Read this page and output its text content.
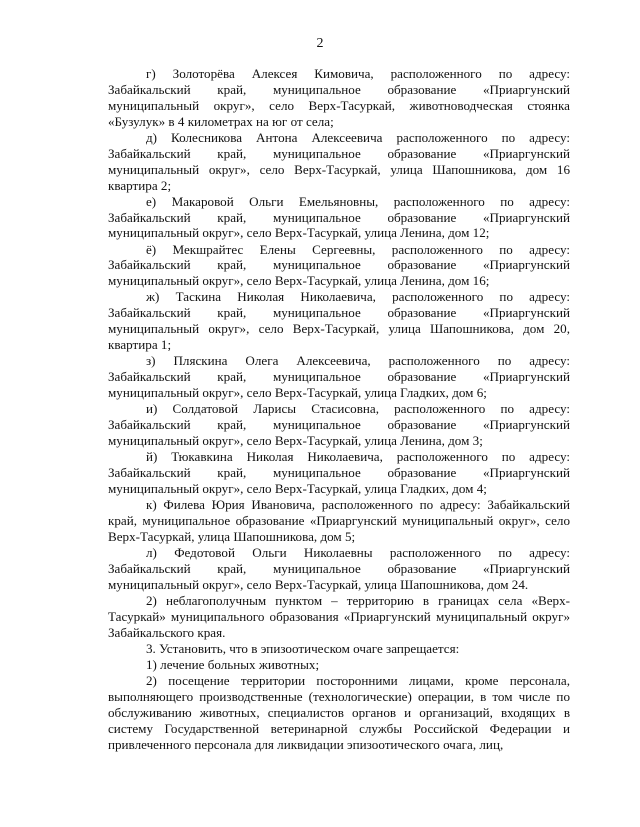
2

г) Золоторёва Алексея Кимовича, расположенного по адресу:

Забайкальский край, муниципальное образование «Приаргунский

муниципальный округ», село Верх-Тасуркай, животноводческая стоянка

«Бузулук» в 4 километрах на юг от села;

д) Колесникова Антона Алексеевича расположенного по адресу:

Забайкальский край, муниципальное образование «Приаргунский

муниципальный округ», село Верх-Тасуркай, улица Шапошникова, дом 16

квартира 2;

е) Макаровой Ольги Емельяновны, расположенного по адресу:

Забайкальский край, муниципальное образование «Приаргунский

муниципальный округ», село Верх-Тасуркай, улица Ленина, дом 12;

ё) Мекшрайтес Елены Сергеевны, расположенного по адресу:

Забайкальский край, муниципальное образование «Приаргунский

муниципальный округ», село Верх-Тасуркай, улица Ленина, дом 16;

ж) Таскина Николая Николаевича, расположенного по адресу:

Забайкальский край, муниципальное образование «Приаргунский

муниципальный округ», село Верх-Тасуркай, улица Шапошникова, дом 20,

квартира 1;

з) Пляскина Олега Алексеевича, расположенного по адресу:

Забайкальский край, муниципальное образование «Приаргунский

муниципальный округ», село Верх-Тасуркай, улица Гладких, дом 6;

и) Солдатовой Ларисы Стасисовна, расположенного по адресу:

Забайкальский край, муниципальное образование «Приаргунский

муниципальный округ», село Верх-Тасуркай, улица Ленина, дом 3;

й) Тюкавкина Николая Николаевича, расположенного по адресу:

Забайкальский край, муниципальное образование «Приаргунский

муниципальный округ», село Верх-Тасуркай, улица Гладких, дом 4;

к) Филева Юрия Ивановича, расположенного по адресу: Забайкальский

край, муниципальное образование «Приаргунский муниципальный округ», село

Верх-Тасуркай, улица Шапошникова, дом 5;

л) Федотовой Ольги Николаевны расположенного по адресу:

Забайкальский край, муниципальное образование «Приаргунский

муниципальный округ», село Верх-Тасуркай, улица Шапошникова, дом 24.

2) неблагополучным пунктом – территорию в границах села «Верх-

Тасуркай» муниципального образования «Приаргунский муниципальный округ»

Забайкальского края.

3. Установить, что в эпизоотическом очаге запрещается:

1) лечение больных животных;

2) посещение территории посторонними лицами, кроме персонала,

выполняющего производственные (технологические) операции, в том числе по

обслуживанию животных, специалистов органов и организаций, входящих в

систему Государственной ветеринарной службы Российской Федерации и

привлеченного персонала для ликвидации эпизоотического очага, лиц,
